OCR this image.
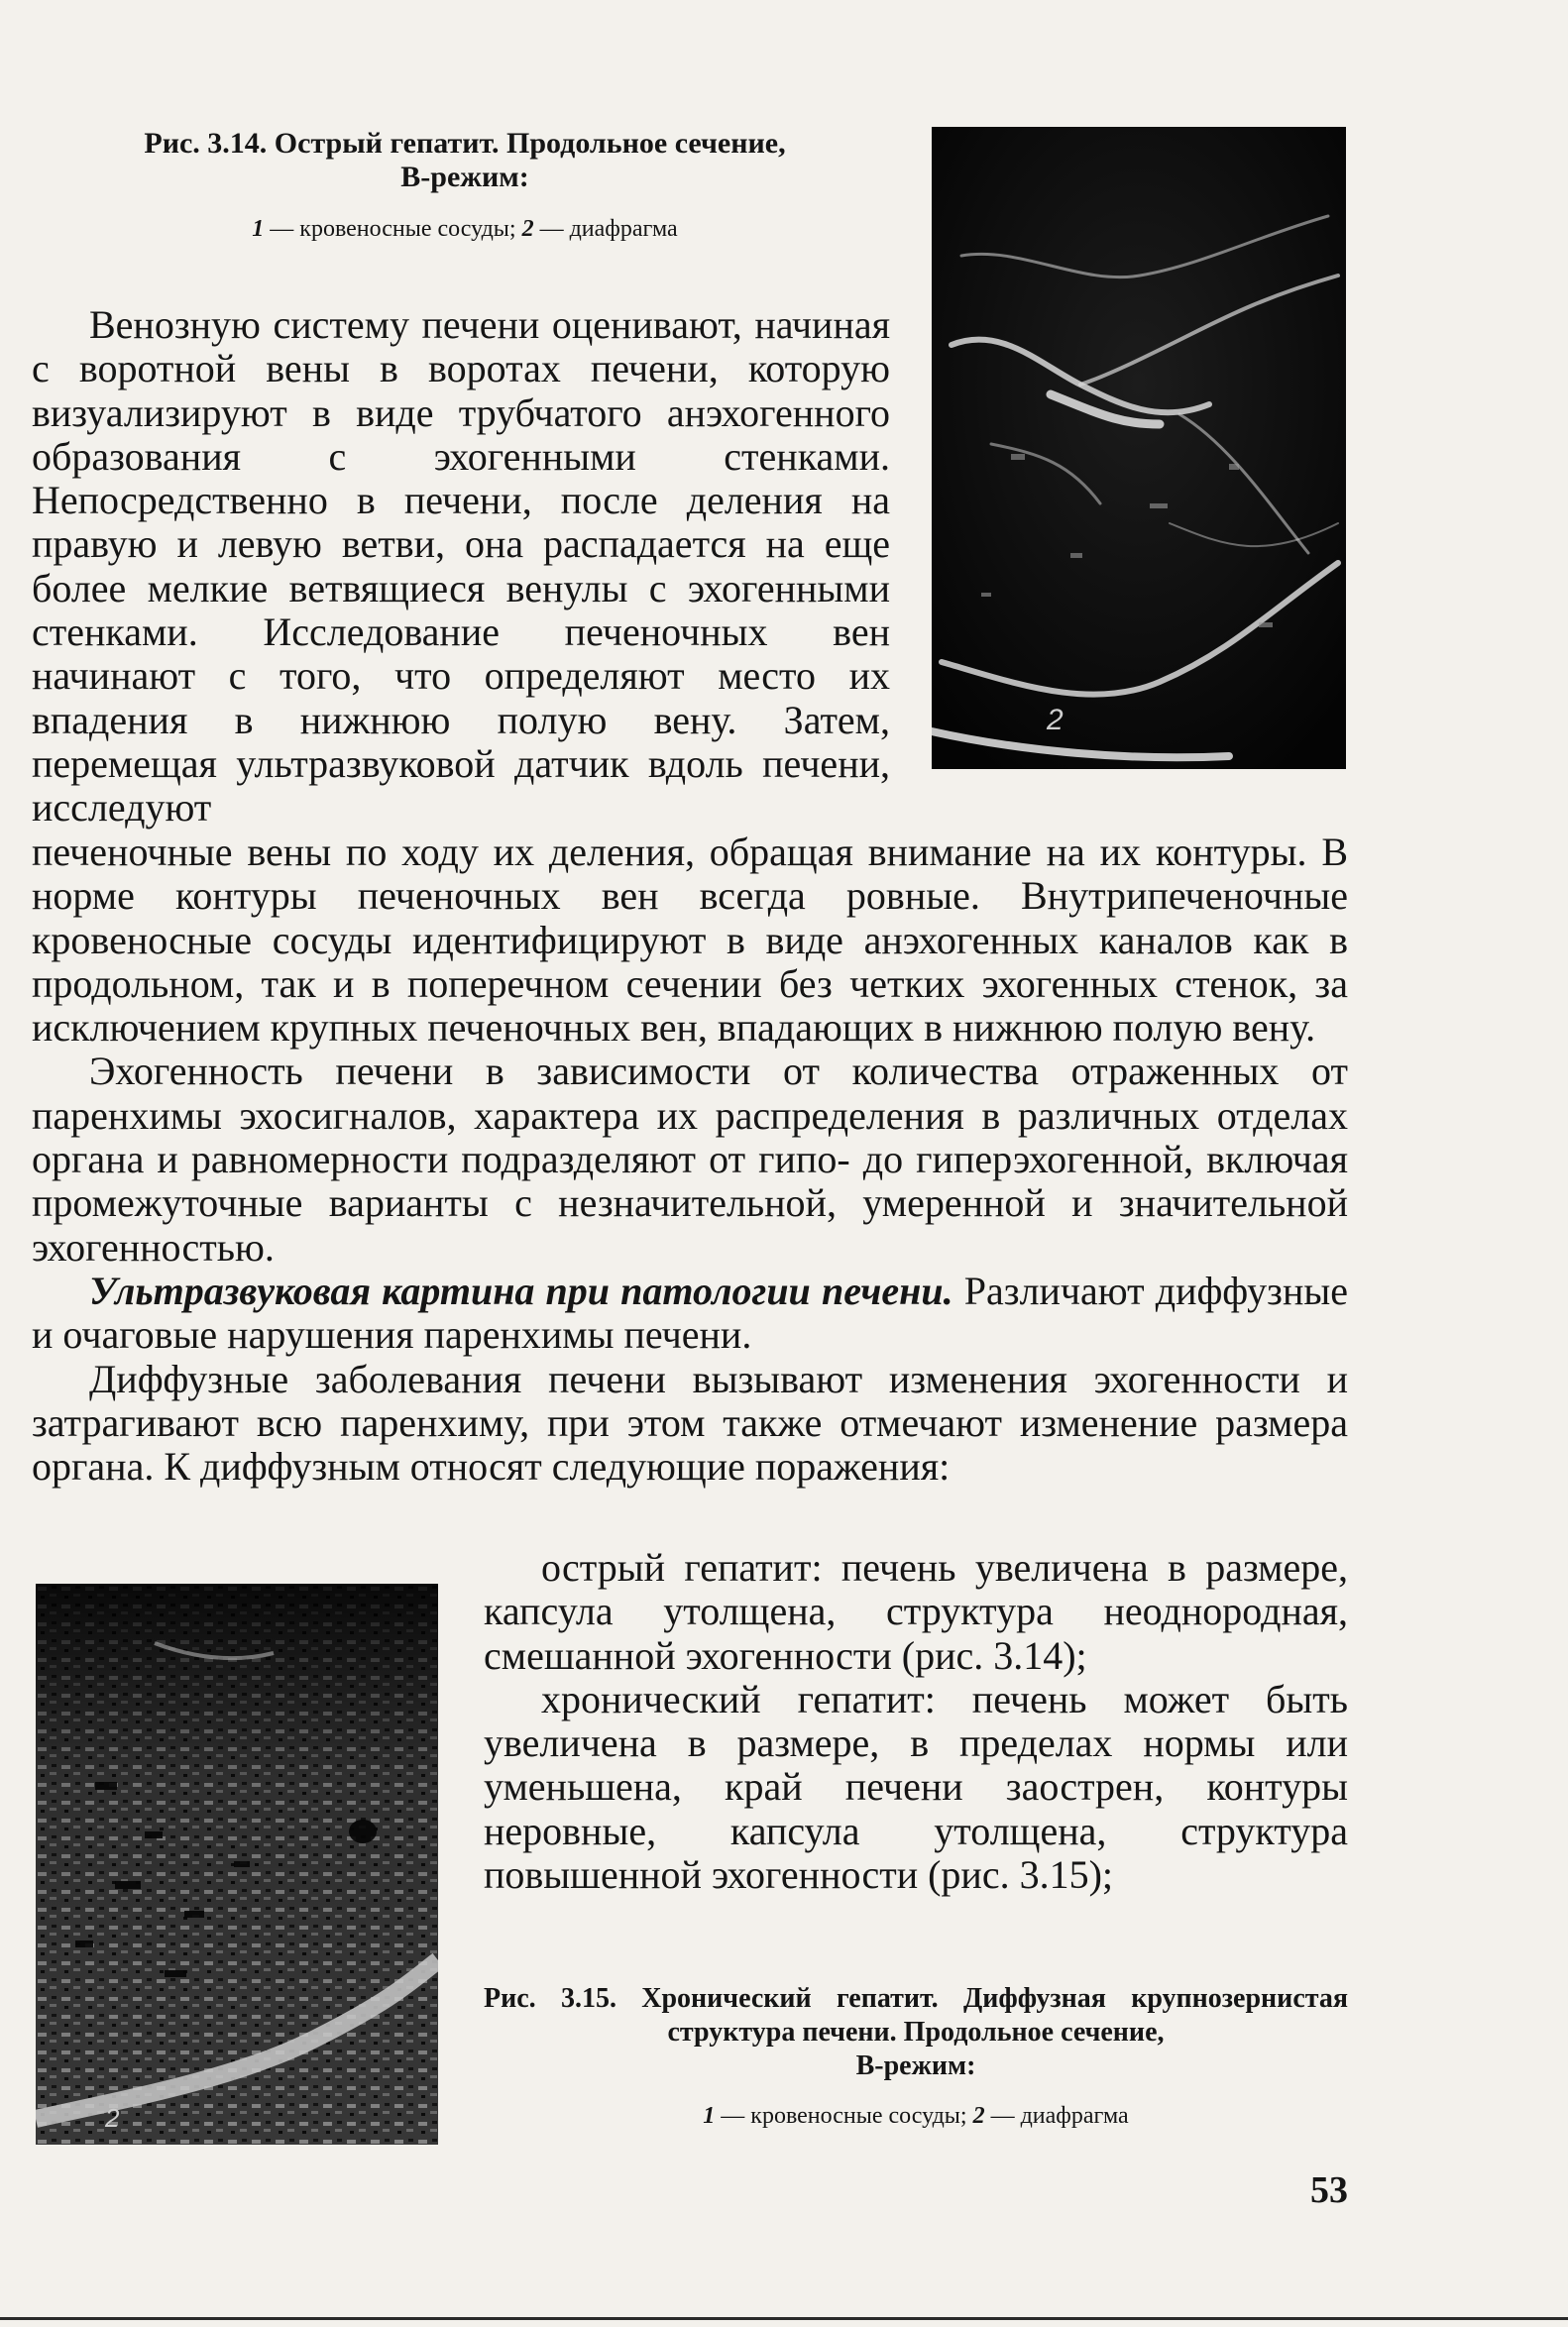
Рис. 3.14. Острый гепатит. Продольное сечение,
В-режим:
1 — кровеносные сосуды; 2 — диафрагма
2

Венозную систему печени оценивают, начиная с воротной вены в воротах печени, которую визуализируют в виде трубчатого анэхогенного образования с эхогенными стенками. Непосредственно в печени, после деления на правую и левую ветви, она распадается на еще более мелкие ветвящиеся венулы с эхогенными стенками. Исследование печеночных вен начинают с того, что определяют место их впадения в нижнюю полую вену. Затем, перемещая ультразвуковой датчик вдоль печени, исследуют

печеночные вены по ходу их деления, обращая внимание на их контуры. В норме контуры печеночных вен всегда ровные. Внутрипеченочные кровеносные сосуды идентифицируют в виде анэхогенных каналов как в продольном, так и в поперечном сечении без четких эхогенных стенок, за исключением крупных печеночных вен, впадающих в нижнюю полую вену.

Эхогенность печени в зависимости от количества отраженных от паренхимы эхосигналов, характера их распределения в различных отделах органа и равномерности подразделяют от гипо- до гиперэхогенной, включая промежуточные варианты с незначительной, умеренной и значительной эхогенностью.

Ультразвуковая картина при патологии печени. Различают диффузные и очаговые нарушения паренхимы печени.

Диффузные заболевания печени вызывают изменения эхогенности и затрагивают всю паренхиму, при этом также отмечают изменение размера органа. К диффузным относят следующие поражения:

2

острый гепатит: печень увеличена в размере, капсула утолщена, структура неоднородная, смешанной эхогенности (рис. 3.14);

хронический гепатит: печень может быть увеличена в размере, в пределах нормы или уменьшена, край печени заострен, контуры неровные, капсула утолщена, структура повышенной эхогенности (рис. 3.15);

Рис. 3.15. Хронический гепатит. Диффузная крупнозернистая структура печени. Продольное сечение,
В-режим:
1 — кровеносные сосуды; 2 — диафрагма
53
